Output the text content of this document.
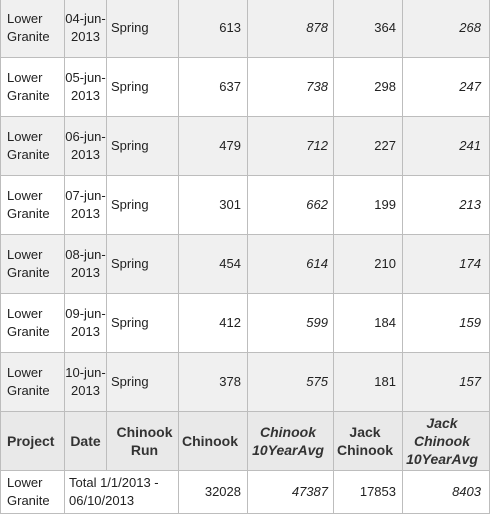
Lower Granite	04-jun-2013	Spring	613	878	364	268
Lower Granite	05-jun-2013	Spring	637	738	298	247
Lower Granite	06-jun-2013	Spring	479	712	227	241
Lower Granite	07-jun-2013	Spring	301	662	199	213
Lower Granite	08-jun-2013	Spring	454	614	210	174
Lower Granite	09-jun-2013	Spring	412	599	184	159
Lower Granite	10-jun-2013	Spring	378	575	181	157
Project	Date	Chinook Run	Chinook	Chinook 10YearAvg	Jack Chinook	Jack Chinook 10YearAvg
Lower Granite	Total 1/1/2013 - 06/10/2013		32028	47387	17853	8403
